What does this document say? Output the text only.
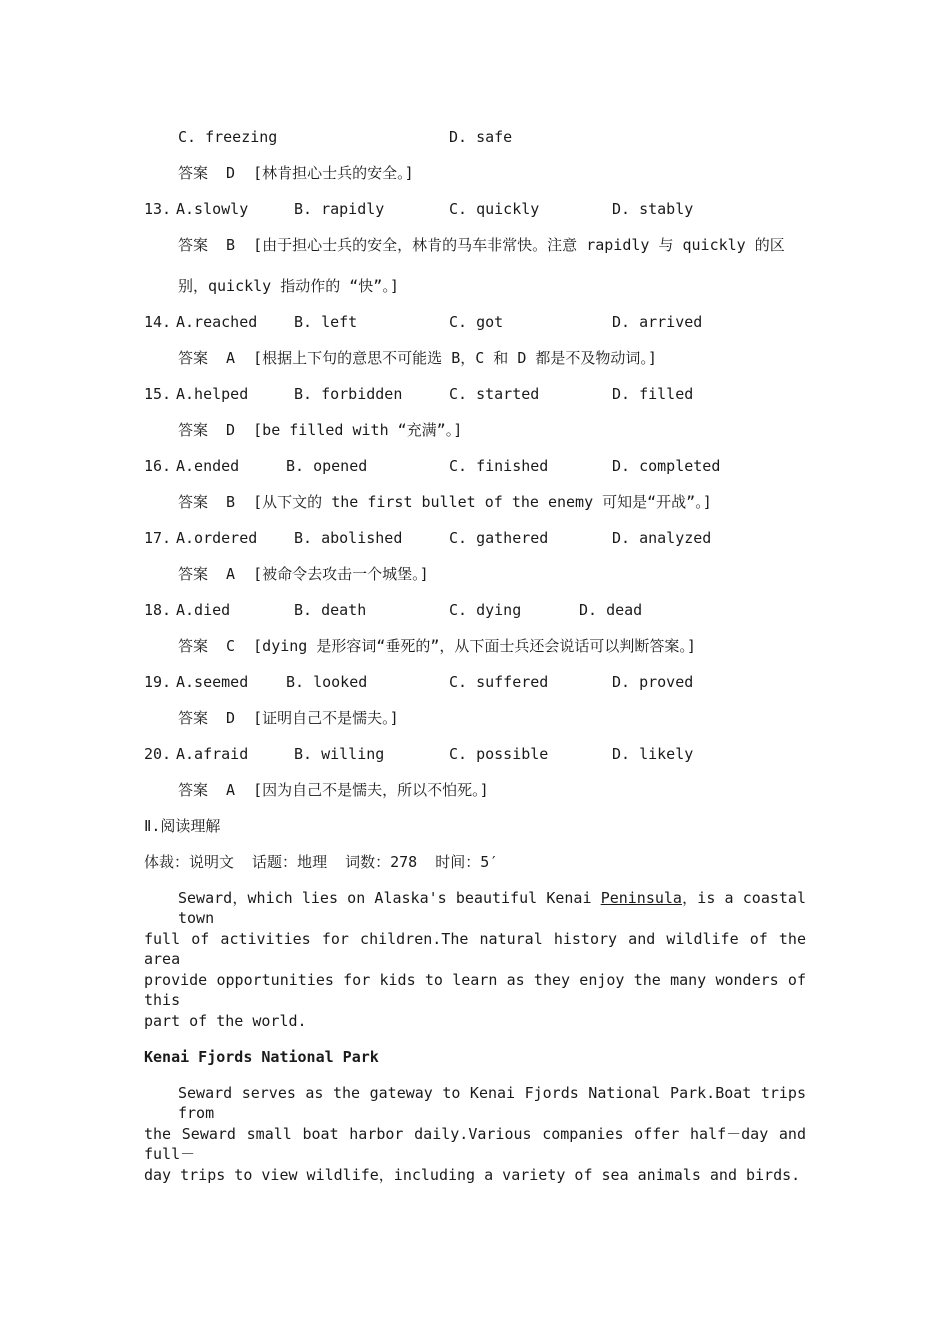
C. freezing	D. safe
答案  D  [林肯担心士兵的安全。]
13. A.slowly	B. rapidly	C. quickly	D. stably
答案  B  [由于担心士兵的安全，林肯的马车非常快。注意 rapidly 与 quickly 的区
别，quickly 指动作的 “快”。]
14. A.reached B. left	C. got	D. arrived
答案  A  [根据上下句的意思不可能选 B，C 和 D 都是不及物动词。]
15. A.helped	B. forbidden	C. started	D. filled
答案  D  [be filled with “充满”。]
16. A.ended	B. opened	C. finished	D. completed
答案  B  [从下文的 the first bullet of the enemy 可知是“开战”。]
17. A.ordered B. abolished	C. gathered	D. analyzed
答案  A  [被命令去攻击一个城堡。]
18. A.died	B. death	C. dying	D. dead
答案  C  [dying 是形容词“垂死的”，从下面士兵还会说话可以判断答案。]
19. A.seemed	B. looked	C. suffered	D. proved
答案  D  [证明自己不是懦夫。]
20. A.afraid	B. willing	C. possible	D. likely
答案  A  [因为自己不是懦夫，所以不怕死。]
Ⅱ.阅读理解
体裁：说明文  话题：地理  词数：278  时间：5′
Seward，which lies on Alaska's beautiful Kenai Peninsula，is a coastal town
full of activities for children.The natural history and wildlife of the area
provide opportunities for kids to learn as they enjoy the many wonders of this
part of the world.
Kenai Fjords National Park
Seward serves as the gateway to Kenai Fjords National Park.Boat trips from
the Seward small boat harbor daily.Various companies offer half－day and full－
day trips to view wildlife，including a variety of sea animals and birds.
